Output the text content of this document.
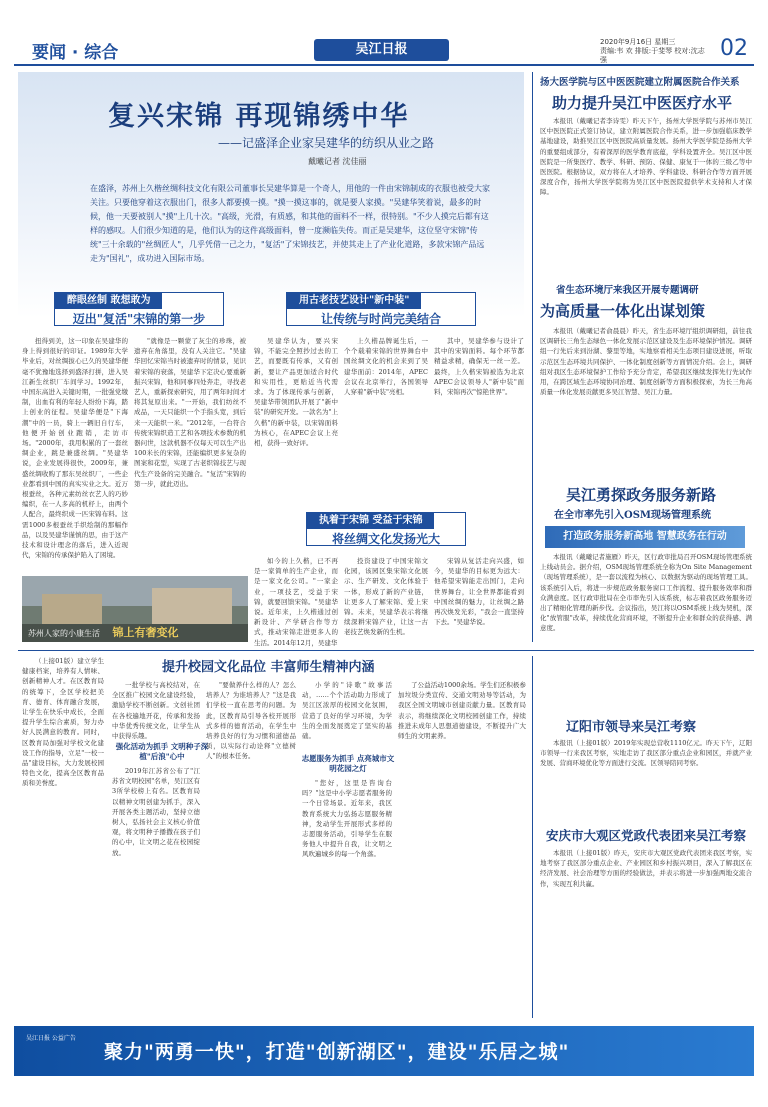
要闻 · 综合	吴江日报	2020年9月16日 星期三
责编:韦 欢 排版:于斐琴 校对:沈志强	02
复兴宋锦 再现锦绣中华
——记盛泽企业家吴建华的纺织从业之路
戴曦记者 沈佳丽
在盛泽，苏州上久楷丝绸科技文化有限公司董事长吴建华算是一个奇人，用他的一件由宋锦制成的衣服也被受大家关注。只要他穿着这衣服出门，很多人都要摸一摸。"摸一摸这事的，就是要人家摸。"吴建华笑着说，最多的时候，他一天要被别人"摸"上几十次。"高级，光滑，有质感，和其他的面料不一样，很特别。"不少人摸完后都有这样的感叹。人们很少知道的是，他们认为的这件高级面料，曾一度濒临失传。而正是吴建华，这位坚守宋锦"传统"三十余载的"丝绸匠人"，几乎凭借一己之力，"复活"了宋锦技艺，并使其走上了产业化道路，多款宋锦产品远走为"国礼"，成功进入国际市场。
醉眼丝制 敢想敢为
迈出"复活"宋锦的第一步

扭得到美，这一印象在吴建华的身上得到很好的印证。1989年大学毕业后，对丝绸拔心已久的吴建华便毫不犹豫地选择到盛泽打拼，进入吴江新生丝织厂车间学习。1992年，中国东高进入关键时期，一批强党缴制，出血有利的年轻人纷纷下海，踏上创业的征程。吴建华便是"下海潮"中的一员，骑上一辆旧自行车，他便开始创业跑销，走访市场。"2000年，我用积累的了一套丝绸企业，跳是兼盛丝绸。"吴建华说，企业发展得很快，2009年，兼盛丝绸收购了那东吴丝织厂，一些企业都看到中国的真实实业之大。近万根蚕丝，各种元素纺丝衣艺人的巧妙编织，在一人多高的机杼上，由两个人配合，最终织成一匹宋锦布料。这需1000多根蚕丝手织绘制的那幅作品，以及吴建华谨慎的思，由于这产技术和设计理念的落后，进入近现代，宋锦的传承保护陷入了困境。

"就像是一颗蒙了灰尘的珍珠，被遗弃在角落里，没有人关注它。"吴建华回忆宋锦当时被遗弃时的情景，见识着宋锦的衰落，吴建华下定决心要重新振兴宋锦，他和同事四处奔走，寻找老艺人，重新探索研究，用了两年时间才将其复原出来。"一开始，我们纺丝不成品，一天只能织一个手指头宽，到后来一天能织一米。"2012年，一台符合传统宋锦织造工艺和各项技术参数的机器问世，这款机器不仅每天可以生产出100米长的宋锦，还能编织更多复杂的图案和花型，实现了古老织锦技艺与现代生产设备的完美融合。"复活"宋锦的第一步，就此迈出。

用古老技艺设计"新中装"
让传统与时尚完美结合

吴建华认为，要兴宋锦，不能完全照抄过去的工艺，而要既有传承，又有创新，要让产品更加适合时代和实用性，更贴近当代需求。为了体现传承与创新，吴建华带领团队开展了"新中装"的研究开发。一款名为"上久楷"的新中装，以宋锦面料为核心，在APEC会议上亮相，获得一致好评。

上久楷品牌诞生后，一个个载着宋锦的世界舞台中国丝绸文化的机会来到了吴建华面前：2014年，APEC会议在北京举行，各国领导人穿着"新中装"亮相。

其中，吴建华参与设计了其中的宋锦面料。每个环节都精益求精，确保无一丝一差。最终，上久楷宋锦被选为北京APEC会议领导人"新中装"面料，宋锦再次"惊艳世界"。

执着于宋锦 受益于宋锦
将丝绸文化发扬光大

如今的上久楷，已不再是一家简单的生产企业，而是一家文化公司。"一家企业，一项技艺，受益于宋锦，就要回馈宋锦。"吴建华说。近年来，上久楷通过创新设计、产学研合作等方式，推动宋锦走进更多人的生活。2014年12月，吴建华

投资建设了中国宋锦文化园，该园区集宋锦文化展示、生产研发、文化体验于一体，形成了新的产业链，让更多人了解宋锦、爱上宋锦。未来，吴建华表示将继续深耕宋锦产业，让这一古老技艺焕发新的生机。

宋锦从复活走向兴盛，如今，吴建华的目标更为远大：他希望宋锦能走出国门，走向世界舞台，让全世界都能看到中国丝绸的魅力，让丝绸之路再次焕发光彩，"我会一直坚持下去。"吴建华说。

苏州人家的小康生活 锦上有奢变化
扬大医学院与区中医医院建立附属医院合作关系
助力提升吴江中医医疗水平

本报讯（戴曦记者李诗雯）昨天下午，扬州大学医学院与苏州市吴江区中医医院正式签订协议，建立附属医院合作关系，进一步加强临床教学基地建设，助推吴江区中医医院高质量发展。扬州大学医学院是扬州大学的重要组成部分，有着深厚的医学教育底蕴，学科设置齐全。吴江区中医医院是一所集医疗、教学、科研、预防、保健、康复于一体的三级乙等中医医院。根据协议，双方将在人才培养、学科建设、科研合作等方面开展深度合作，扬州大学医学院将为吴江区中医医院提供学术支持和人才保障。

省生态环境厅来我区开展专题调研
为高质量一体化出谋划策

本报讯（戴曦记者俞晨晨）昨天，省生态环境厅组织调研组，前往我区调研长三角生态绿色一体化发展示范区建设及生态环境保护情况。调研组一行先后来到汾湖、黎里等地，实地察看相关生态项目建设进展，听取示范区生态环境共同保护、一体化制度创新等方面情况介绍。会上，调研组对我区生态环境保护工作给予充分肯定，希望我区继续发挥先行先试作用，在跨区域生态环境协同治理、制度创新等方面积极探索，为长三角高质量一体化发展贡献更多吴江智慧、吴江力量。

吴江勇探政务服务新路
在全市率先引入OSM现场管理系统
打造政务服务新高地 智慧政务在行动

本报讯（戴曦记者施雁）昨天，区行政审批局召开OSM现场管理系统上线动员会。据介绍，OSM现场管理系统全称为On Site Management（现场管理系统），是一套以流程为核心、以数据为驱动的现场管理工具。该系统引入后，将进一步规范政务服务窗口工作流程、提升服务效率和群众满意度。区行政审批局在全市率先引入该系统，标志着我区政务服务迈出了精细化管理的新步伐。会议指出，吴江将以OSM系统上线为契机，深化"放管服"改革，持续优化营商环境，不断提升企业和群众的获得感、满意度。

（上接01版）建立学生健康档案，培养有人情味、创新精神人才。在区教育局的统筹下，全区学校把美育、德育、体育融合发展，让学生在快乐中成长，全面提升学生综合素质，努力办好人民满意的教育。同时，区教育局加强对学校文化建设工作的指导，立足"一校一品"建设目标，大力发展校园特色文化，提高全区教育品质和美誉度。

提升校园文化品位 丰富师生精神内涵

一批学校与高校结对，在全区推广校园文化建设经验，激励学校不断创新。文创社团在各校遍地开花，传承和发扬中华优秀传统文化，让学生从中获得乐趣。

强化活动为抓手 文明种子深植"后浪"心中

2019年江苏省公布了"江苏省文明校园"名单，吴江区有3所学校榜上有名。区教育局以精神文明创建为抓手，深入开展各类主题活动，坚持立德树人，弘扬社会主义核心价值观，将文明种子播撒在孩子们的心中，让文明之花在校园绽放。

"要做养什么样的人？怎么培养人？为谁培养人？"这是我们学校一直在思考的问题。为此，区教育局引导各校开展形式多样的德育活动，在学生中培养良好的行为习惯和道德品质，以实际行动诠释"立德树人"的根本任务。

小学的"诗歌"故事活动，……个个活动助力形成了吴江区浓厚的校园文化氛围，营造了良好的学习环境，为学生的全面发展奠定了坚实的基础。

志愿服务为抓手 点亮城市文明花园之灯

"您好，这里是咨询台吗？"这是中小学志愿者服务的一个日常场景。近年来，我区教育系统大力弘扬志愿服务精神，发动学生开展形式多样的志愿服务活动，引导学生在服务他人中提升自我，让文明之风吹遍城乡的每一个角落。

了公益活动1000余场。学生们还积极参加垃圾分类宣传、交通文明劝导等活动，为我区全国文明城市创建贡献力量。区教育局表示，将继续深化文明校园创建工作，持续推进未成年人思想道德建设，不断提升广大师生的文明素养。

辽阳市领导来吴江考察

本报讯（上接01版）2019年实现总营收1110亿元。昨天下午，辽阳市领导一行来我区考察，实地走访了我区部分重点企业和园区，并就产业发展、营商环境优化等方面进行交流。区领导陪同考察。

安庆市大观区党政代表团来吴江考察

本报讯（上接01版）昨天，安庆市大观区党政代表团来我区考察，实地考察了我区部分重点企业、产业园区和乡村振兴项目，深入了解我区在经济发展、社会治理等方面的经验做法，并表示将进一步加强两地交流合作，实现互利共赢。

吴江日报 公益广告
聚力"两勇一快"，打造"创新湖区"，建设"乐居之城"
